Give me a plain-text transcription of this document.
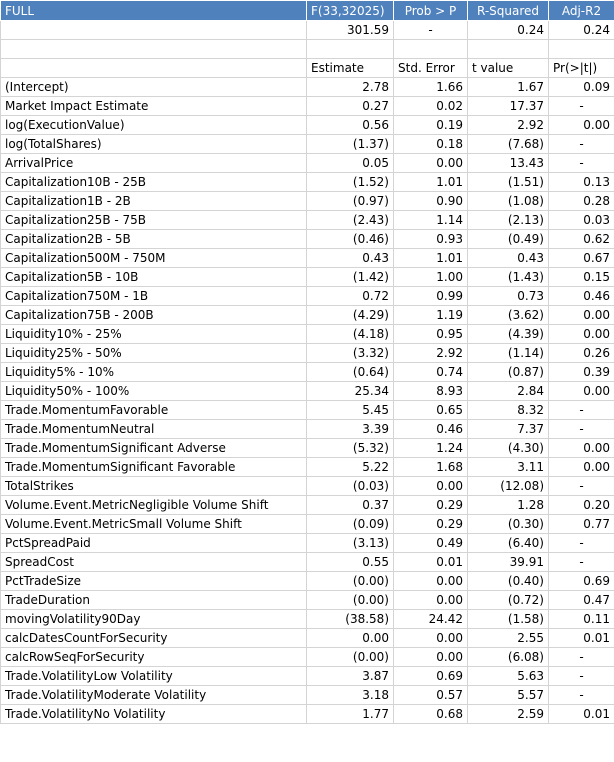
FULL	F(33,32025)	Prob > P	R-Squared	Adj-R2
	301.59	-	0.24	0.24

	Estimate	Std. Error	t value	Pr(>|t|)
(Intercept)	2.78	1.66	1.67	0.09
Market Impact Estimate	0.27	0.02	17.37	-
log(ExecutionValue)	0.56	0.19	2.92	0.00
log(TotalShares)	(1.37)	0.18	(7.68)	-
ArrivalPrice	0.05	0.00	13.43	-
Capitalization10B - 25B	(1.52)	1.01	(1.51)	0.13
Capitalization1B - 2B	(0.97)	0.90	(1.08)	0.28
Capitalization25B - 75B	(2.43)	1.14	(2.13)	0.03
Capitalization2B - 5B	(0.46)	0.93	(0.49)	0.62
Capitalization500M - 750M	0.43	1.01	0.43	0.67
Capitalization5B - 10B	(1.42)	1.00	(1.43)	0.15
Capitalization750M - 1B	0.72	0.99	0.73	0.46
Capitalization75B - 200B	(4.29)	1.19	(3.62)	0.00
Liquidity10% - 25%	(4.18)	0.95	(4.39)	0.00
Liquidity25% - 50%	(3.32)	2.92	(1.14)	0.26
Liquidity5% - 10%	(0.64)	0.74	(0.87)	0.39
Liquidity50% - 100%	25.34	8.93	2.84	0.00
Trade.MomentumFavorable	5.45	0.65	8.32	-
Trade.MomentumNeutral	3.39	0.46	7.37	-
Trade.MomentumSignificant Adverse	(5.32)	1.24	(4.30)	0.00
Trade.MomentumSignificant Favorable	5.22	1.68	3.11	0.00
TotalStrikes	(0.03)	0.00	(12.08)	-
Volume.Event.MetricNegligible Volume Shift	0.37	0.29	1.28	0.20
Volume.Event.MetricSmall Volume Shift	(0.09)	0.29	(0.30)	0.77
PctSpreadPaid	(3.13)	0.49	(6.40)	-
SpreadCost	0.55	0.01	39.91	-
PctTradeSize	(0.00)	0.00	(0.40)	0.69
TradeDuration	(0.00)	0.00	(0.72)	0.47
movingVolatility90Day	(38.58)	24.42	(1.58)	0.11
calcDatesCountForSecurity	0.00	0.00	2.55	0.01
calcRowSeqForSecurity	(0.00)	0.00	(6.08)	-
Trade.VolatilityLow Volatility	3.87	0.69	5.63	-
Trade.VolatilityModerate Volatility	3.18	0.57	5.57	-
Trade.VolatilityNo Volatility	1.77	0.68	2.59	0.01
